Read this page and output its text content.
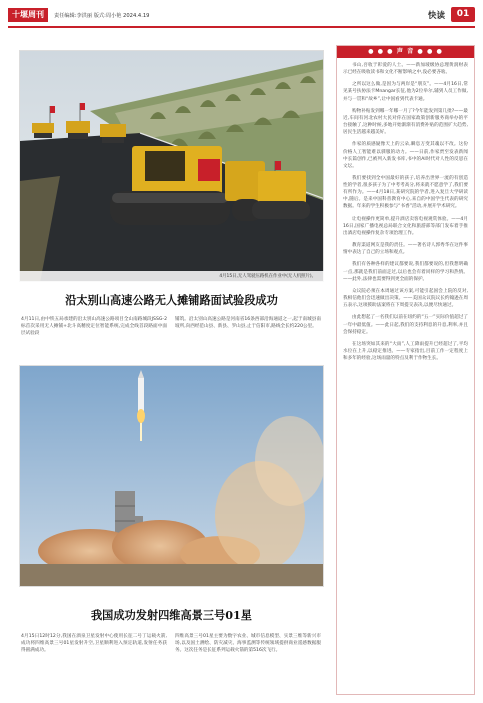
十堰周刊	责任编辑:李洪丽 版式:周小艳 2024.4.19	快读	01
4月15日,无人驾驶压路机在作业中(无人机照片)。
沿太别山高速公路无人摊铺路面试验段成功
4月11日,由中铁五局承建的沿太别山高速公路项目全山南路城段JSSG-2标首次采用无人摊铺+北斗高精度定位智能系统,完成全线首段路面中面层试验段
铺筑。沿太别山高速公路是河南省16条西部沿海通道之一,起于南城县南坡所,向西经范山县、新县、罗山县,止于信阳市,路线全长约220公里。
我国成功发射四维高景三号01星
4月15日12时12分,我国在酒泉卫星发射中心使用长征二号丁运载火箭,成功将四维高景三号01星发射升空,卫星顺利进入预定轨道,发射任务获得圆满成功。
四维高景三号01星主要为数字农业、城市信息模型、实景三维等新兴市场,以及国土测绘、防灾减灾、海事监测等传统领域提供商业遥感数据服务。这次任务是长征系列运载火箭的第516次飞行。
● ● ● 声 音 ● ● ●

书山,吾收于彰爱的人士。——新加坡级协总理黄润财表示已经在吸收读书和文化不断影响之中,没必要吝啥。

之所以这么做,是因为与两岸是“朋友”。——4月16日,常见某号扶协法卡Mnangar长征,他为2位举尔,辅到人员工作做,并与一贯和“故乡”,让中国看到代表卡通。

购物补贴发到哪一年哪一月了?今年能发到第几批?——最近,车间有河北农村大民对你在国家政策创新服务商举办的平台接触了,这种时候,多地开始渐渐有消费补贴的范围扩大趋势,居民生活越来越美好。

作家的质感疑像天上的云朵,瞬息万变其魂以不改。这份价格人工智能难以驯服的动力。——日前,作家贾至发表新闻中长篇创作,已被列入新发书库,书中的AI时代对人性的反思在文坛。

我们要找到全中国最好的孩子,培养出世界一流的有创造性的学者,很多孩子为了中考考高分,将来就不愿意学了,我们要有所作为。——4月18日,某研究院的学者,进入复旦大学研读中,随后。是来中国科普教育中心,来自的中国学生代表的研究数据。年来的学生积极参与“书香”活动,并展开学术研究。

让电视操作更简单,提升酒店卖客电视观赏体验。——4月16日,国家广播电视总局联合文化和旅游部等部门发布着手推出酒店电视操作复杂专项治理工作。

教育渠道网友是我的责任。——著名诗人郭秀华在这件事情中表达了自己的立场和观点。

我们有各种各样的建议都要说,我们都要说的,但我想明确一点,那就是我们前面走过,以后也会有着同样的学习和热情。——此外,法律也需要得到更全面的保护。

众议院必须在本周通过该方案,可能引起国会上院的反对,我相信他们会迅速做出决策。——美国众议院议长约翰逊在周五表示,这项援助法案将在下周提交表决,以便尽快通过。

由此想起了一名我们以前在纽约的“五一”实际价值超过了一年中最低值。——此日起,我们的支持利息的升息,利率,并且会保持稳定。

在这场突如其来的“大雨”,人工降雨提升已经超过了,平均水位在上升,以稳定推进。——专家指出,目前工作一定程度上和多年的经验,这场雨量的特点及利于作物生长。
